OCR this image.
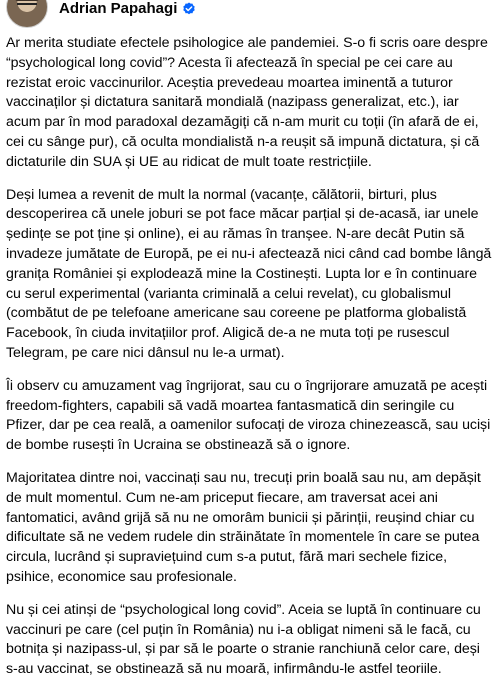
Adrian Papahagi

Ar merita studiate efectele psihologice ale pandemiei. S-o fi scris oare despre “psychological long covid”? Acesta îi afectează în special pe cei care au rezistat eroic vaccinurilor. Aceștia prevedeau moartea iminentă a tuturor vaccinaților și dictatura sanitară mondială (nazipass generalizat, etc.), iar acum par în mod paradoxal dezamăgiți că n-am murit cu toții (în afară de ei, cei cu sânge pur), că oculta mondialistă n-a reușit să impună dictatura, și că dictaturile din SUA și UE au ridicat de mult toate restricțiile.

Deși lumea a revenit de mult la normal (vacanțe, călătorii, birturi, plus descoperirea că unele joburi se pot face măcar parțial și de-acasă, iar unele ședințe se pot ține și online), ei au rămas în tranșee. N-are decât Putin să invadeze jumătate de Europă, pe ei nu-i afectează nici când cad bombe lângă granița României și explodează mine la Costinești. Lupta lor e în continuare cu serul experimental (varianta criminală a celui revelat), cu globalismul (combătut de pe telefoane americane sau coreene pe platforma globalistă Facebook, în ciuda invitațiilor prof. Aligică de-a ne muta toți pe rusescul Telegram, pe care nici dânsul nu le-a urmat).

Îi observ cu amuzament vag îngrijorat, sau cu o îngrijorare amuzată pe acești freedom-fighters, capabili să vadă moartea fantasmatică din seringile cu Pfizer, dar pe cea reală, a oamenilor sufocați de viroza chinezească, sau uciși de bombe rusești în Ucraina se obstinează să o ignore.

Majoritatea dintre noi, vaccinați sau nu, trecuți prin boală sau nu, am depășit de mult momentul. Cum ne-am priceput fiecare, am traversat acei ani fantomatici, având grijă să nu ne omorâm bunicii și părinții, reușind chiar cu dificultate să ne vedem rudele din străinătate în momentele în care se putea circula, lucrând și supraviețuind cum s-a putut, fără mari sechele fizice, psihice, economice sau profesionale.

Nu și cei atinși de “psychological long covid”. Aceia se luptă în continuare cu vaccinuri pe care (cel puțin în România) nu i-a obligat nimeni să le facă, cu botnița și nazipass-ul, și par să le poarte o stranie ranchiună celor care, deși s-au vaccinat, se obstinează să nu moară, infirmându-le astfel teoriile.
